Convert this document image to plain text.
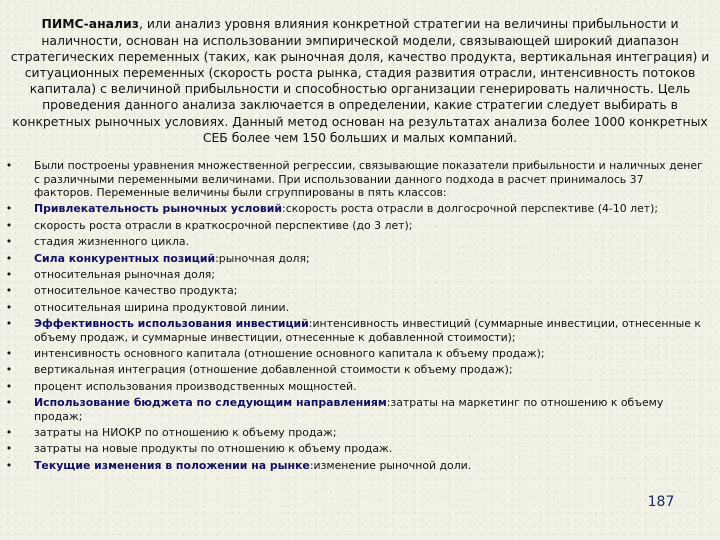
ПИМС-анализ, или анализ уровня влияния конкретной стратегии на величины прибыльности и наличности, основан на использовании эмпирической модели, связывающей широкий диапазон стратегических переменных (таких, как рыночная доля, качество продукта, вертикальная интеграция) и ситуационных переменных (скорость роста рынка, стадия развития отрасли, интенсивность потоков капитала) с величиной прибыльности и способностью организации генерировать наличность. Цель проведения данного анализа заключается в определении, какие стратегии следует выбирать в конкретных рыночных условиях. Данный метод основан на результатах анализа более 1000 конкретных СЕБ более чем 150 больших и малых компаний.

• Были построены уравнения множественной регрессии, связывающие показатели прибыльности и наличных денег с различными переменными величинами. При использовании данного подхода в расчет принималось 37 факторов. Переменные величины были сгруппированы в пять классов:
• Привлекательность рыночных условий:скорость роста отрасли в долгосрочной перспективе (4-10 лет);
• скорость роста отрасли в краткосрочной перспективе (до 3 лет);
• стадия жизненного цикла.
• Сила конкурентных позиций:рыночная доля;
• относительная рыночная доля;
• относительное качество продукта;
• относительная ширина продуктовой линии.
• Эффективность использования инвестиций:интенсивность инвестиций (суммарные инвестиции, отнесенные к объему продаж, и суммарные инвестиции, отнесенные к добавленной стоимости);
• интенсивность основного капитала (отношение основного капитала к объему продаж);
• вертикальная интеграция (отношение добавленной стоимости к объему продаж);
• процент использования производственных мощностей.
• Использование бюджета по следующим направлениям:затраты на маркетинг по отношению к объему продаж;
• затраты на НИОКР по отношению к объему продаж;
• затраты на новые продукты по отношению к объему продаж.
• Текущие изменения в положении на рынке:изменение рыночной доли.
187
